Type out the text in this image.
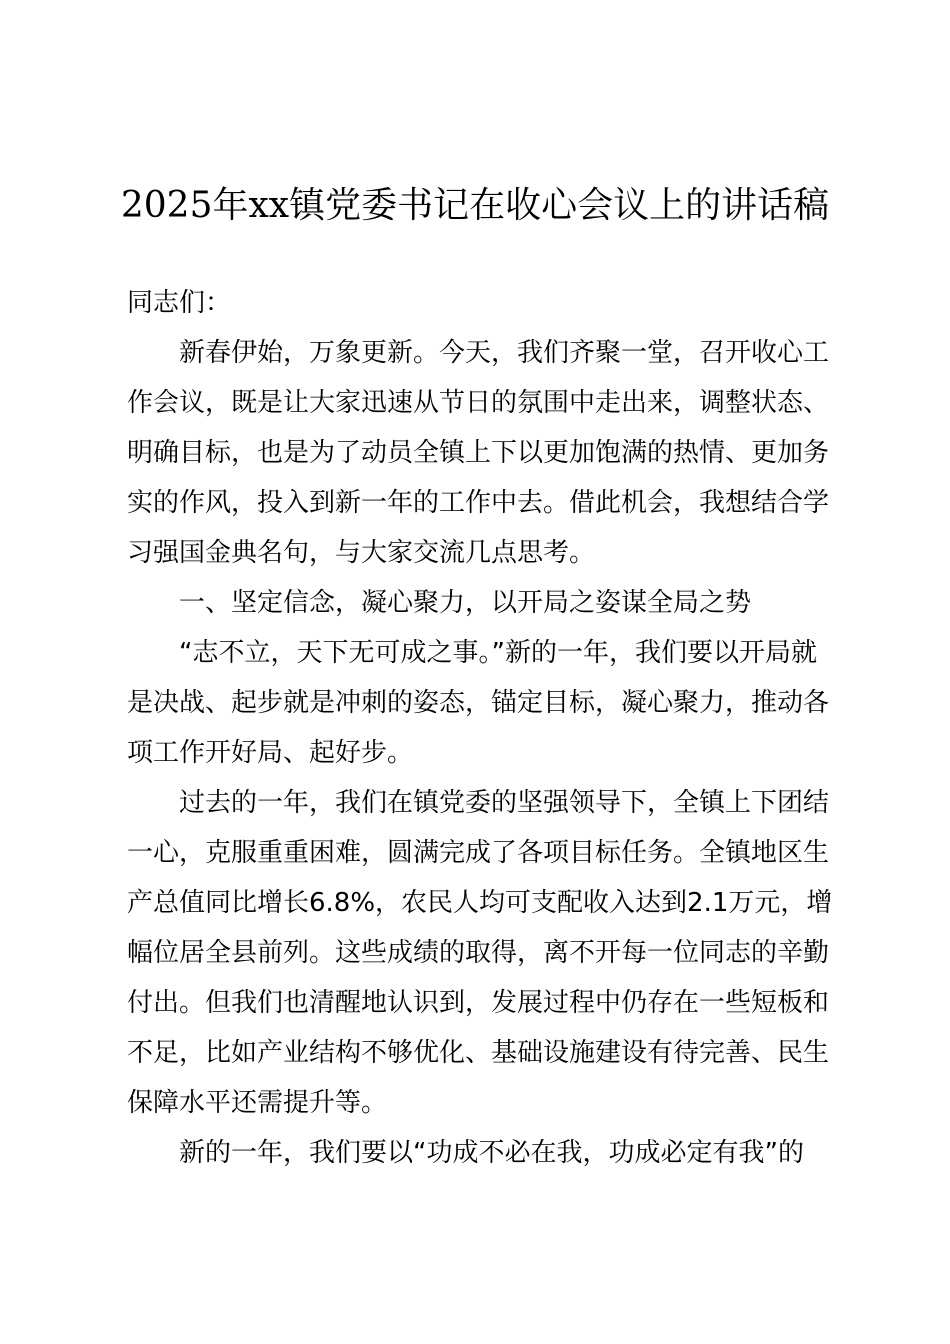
2025年xx镇党委书记在收心会议上的讲话稿
同志们：
新春伊始，万象更新。今天，我们齐聚一堂，召开收心工
作会议，既是让大家迅速从节日的氛围中走出来，调整状态、
明确目标，也是为了动员全镇上下以更加饱满的热情、更加务
实的作风，投入到新一年的工作中去。借此机会，我想结合学
习强国金典名句，与大家交流几点思考。
一、坚定信念，凝心聚力，以开局之姿谋全局之势
“志不立，天下无可成之事。”新的一年，我们要以开局就
是决战、起步就是冲刺的姿态，锚定目标，凝心聚力，推动各
项工作开好局、起好步。
过去的一年，我们在镇党委的坚强领导下，全镇上下团结
一心，克服重重困难，圆满完成了各项目标任务。全镇地区生
产总值同比增长6.8%，农民人均可支配收入达到2.1万元，增
幅位居全县前列。这些成绩的取得，离不开每一位同志的辛勤
付出。但我们也清醒地认识到，发展过程中仍存在一些短板和
不足，比如产业结构不够优化、基础设施建设有待完善、民生
保障水平还需提升等。
新的一年，我们要以“功成不必在我，功成必定有我”的
